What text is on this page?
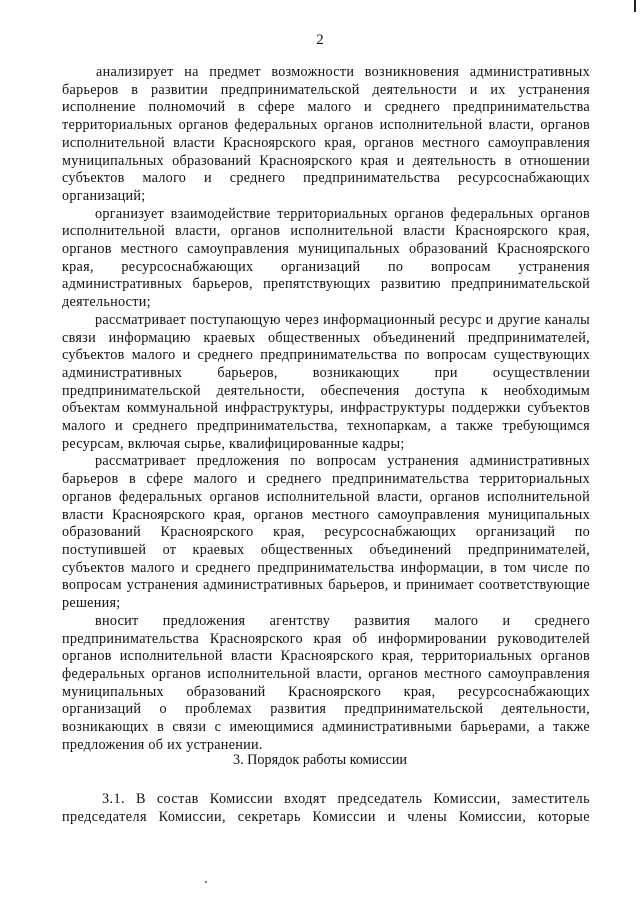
2

анализирует на предмет возможности возникновения административных барьеров в развитии предпринимательской деятельности и их устранения исполнение полномочий в сфере малого и среднего предпринимательства территориальных органов федеральных органов исполнительной власти, органов исполнительной власти Красноярского края, органов местного самоуправления муниципальных образований Красноярского края и деятельность в отношении субъектов малого и среднего предпринимательства ресурсоснабжающих организаций;

организует взаимодействие территориальных органов федеральных органов исполнительной власти, органов исполнительной власти Красноярского края, органов местного самоуправления муниципальных образований Красноярского края, ресурсоснабжающих организаций по вопросам устранения административных барьеров, препятствующих развитию предпринимательской деятельности;

рассматривает поступающую через информационный ресурс и другие каналы связи информацию краевых общественных объединений предпринимателей, субъектов малого и среднего предпринимательства по вопросам существующих административных барьеров, возникающих при осуществлении предпринимательской деятельности, обеспечения доступа к необходимым объектам коммунальной инфраструктуры, инфраструктуры поддержки субъектов малого и среднего предпринимательства, технопаркам, а также требующимся ресурсам, включая сырье, квалифицированные кадры;

рассматривает предложения по вопросам устранения административных барьеров в сфере малого и среднего предпринимательства территориальных органов федеральных органов исполнительной власти, органов исполнительной власти Красноярского края, органов местного самоуправления муниципальных образований Красноярского края, ресурсоснабжающих организаций по поступившей от краевых общественных объединений предпринимателей, субъектов малого и среднего предпринимательства информации, в том числе по вопросам устранения административных барьеров, и принимает соответствующие решения;

вносит предложения агентству развития малого и среднего предпринимательства Красноярского края об информировании руководителей органов исполнительной власти Красноярского края, территориальных органов федеральных органов исполнительной власти, органов местного самоуправления муниципальных образований Красноярского края, ресурсоснабжающих организаций о проблемах развития предпринимательской деятельности, возникающих в связи с имеющимися административными барьерами, а также предложения об их устранении.

3. Порядок работы комиссии

3.1. В состав Комиссии входят председатель Комиссии, заместитель председателя Комиссии, секретарь Комиссии и члены Комиссии, которые
